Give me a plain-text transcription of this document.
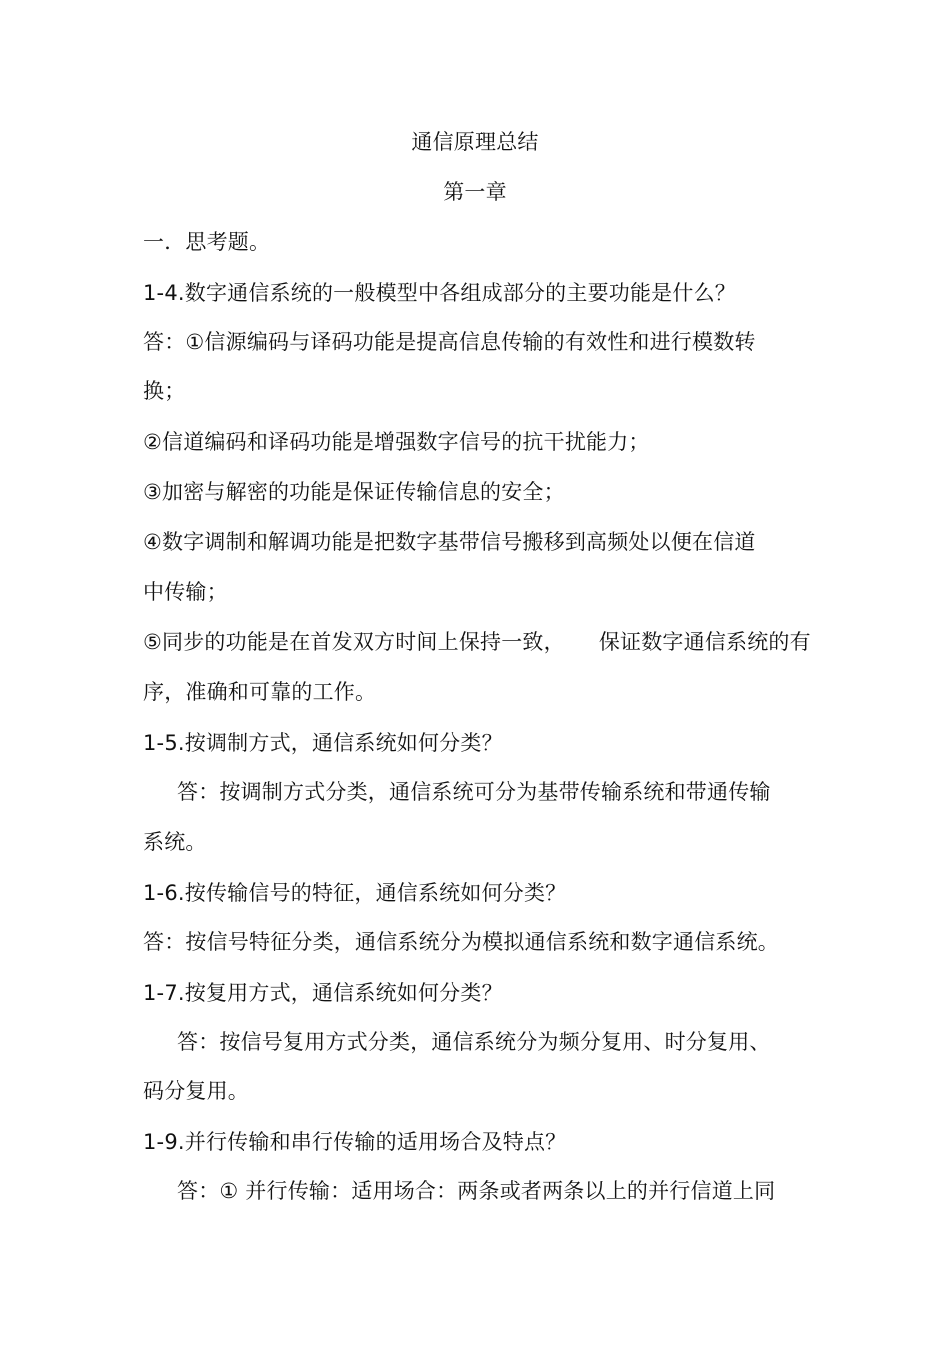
通信原理总结
第一章
一．思考题。
1-4.数字通信系统的一般模型中各组成部分的主要功能是什么？
答：①信源编码与译码功能是提高信息传输的有效性和进行模数转
换；
②信道编码和译码功能是增强数字信号的抗干扰能力；
③加密与解密的功能是保证传输信息的安全；
④数字调制和解调功能是把数字基带信号搬移到高频处以便在信道
中传输；
⑤同步的功能是在首发双方时间上保持一致， 保证数字通信系统的有
序，准确和可靠的工作。
1-5.按调制方式，通信系统如何分类？
答：按调制方式分类，通信系统可分为基带传输系统和带通传输
系统。
1-6.按传输信号的特征，通信系统如何分类？
答：按信号特征分类，通信系统分为模拟通信系统和数字通信系统。
1-7.按复用方式，通信系统如何分类？
答：按信号复用方式分类，通信系统分为频分复用、时分复用、
码分复用。
1-9.并行传输和串行传输的适用场合及特点？
答：① 并行传输：适用场合：两条或者两条以上的并行信道上同
